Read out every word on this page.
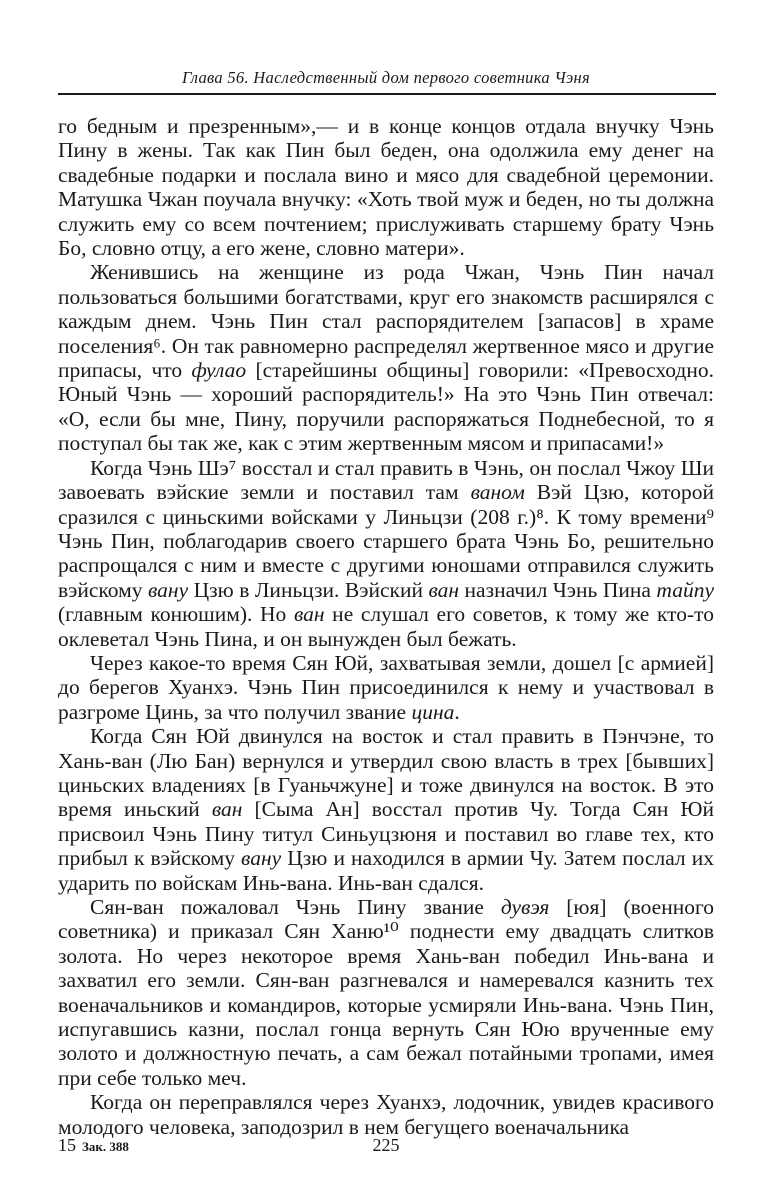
Глава 56. Наследственный дом первого советника Чэня

го бедным и презренным»,— и в конце концов отдала внучку Чэнь Пину в жены. Так как Пин был беден, она одолжила ему денег на свадебные подарки и послала вино и мясо для свадебной церемонии. Матушка Чжан поучала внучку: «Хоть твой муж и беден, но ты должна служить ему со всем почтением; прислуживать старшему брату Чэнь Бо, словно отцу, а его жене, словно матери».

Женившись на женщине из рода Чжан, Чэнь Пин начал пользоваться большими богатствами, круг его знакомств расширялся с каждым днем. Чэнь Пин стал распорядителем [запасов] в храме поселения⁶. Он так равномерно распределял жертвенное мясо и другие припасы, что фулао [старейшины общины] говорили: «Превосходно. Юный Чэнь — хороший распорядитель!» На это Чэнь Пин отвечал: «О, если бы мне, Пину, поручили распоряжаться Поднебесной, то я поступал бы так же, как с этим жертвенным мясом и припасами!»

Когда Чэнь Шэ⁷ восстал и стал править в Чэнь, он послал Чжоу Ши завоевать вэйские земли и поставил там ваном Вэй Цзю, которой сразился с циньскими войсками у Линьцзи (208 г.)⁸. К тому времени⁹ Чэнь Пин, поблагодарив своего старшего брата Чэнь Бо, решительно распрощался с ним и вместе с другими юношами отправился служить вэйскому вану Цзю в Линьцзи. Вэйский ван назначил Чэнь Пина тайпу (главным конюшим). Но ван не слушал его советов, к тому же кто-то оклеветал Чэнь Пина, и он вынужден был бежать.

Через какое-то время Сян Юй, захватывая земли, дошел [с армией] до берегов Хуанхэ. Чэнь Пин присоединился к нему и участвовал в разгроме Цинь, за что получил звание цина.

Когда Сян Юй двинулся на восток и стал править в Пэнчэне, то Хань-ван (Лю Бан) вернулся и утвердил свою власть в трех [бывших] циньских владениях [в Гуаньчжуне] и тоже двинулся на восток. В это время иньский ван [Сыма Ан] восстал против Чу. Тогда Сян Юй присвоил Чэнь Пину титул Синьуцзюня и поставил во главе тех, кто прибыл к вэйскому вану Цзю и находился в армии Чу. Затем послал их ударить по войскам Инь-вана. Инь-ван сдался.

Сян-ван пожаловал Чэнь Пину звание дувэя [юя] (военного советника) и приказал Сян Ханю¹⁰ поднести ему двадцать слитков золота. Но через некоторое время Хань-ван победил Инь-вана и захватил его земли. Сян-ван разгневался и намеревался казнить тех военачальников и командиров, которые усмиряли Инь-вана. Чэнь Пин, испугавшись казни, послал гонца вернуть Сян Юю врученные ему золото и должностную печать, а сам бежал потайными тропами, имея при себе только меч.

Когда он переправлялся через Хуанхэ, лодочник, увидев красивого молодого человека, заподозрил в нем бегущего военачальника

15 Зак. 388	225
